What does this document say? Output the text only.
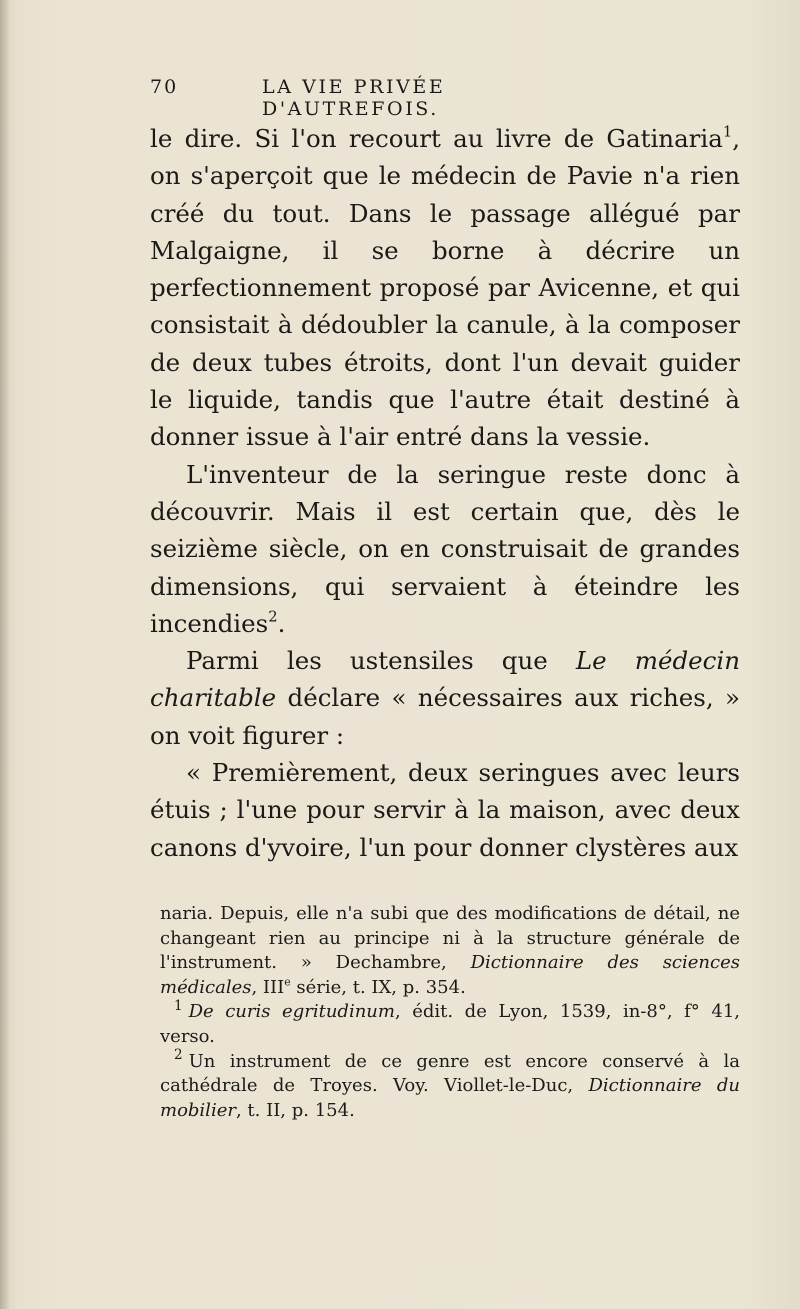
70	LA VIE PRIVÉE D'AUTREFOIS.

le dire. Si l'on recourt au livre de Gatinaria$^1$, on s'aperçoit que le médecin de Pavie n'a rien créé du tout. Dans le passage allégué par Malgaigne, il se borne à décrire un perfectionnement proposé par Avicenne, et qui consistait à dédoubler la canule, à la composer de deux tubes étroits, dont l'un devait guider le liquide, tandis que l'autre était destiné à donner issue à l'air entré dans la vessie.

L'inventeur de la seringue reste donc à découvrir. Mais il est certain que, dès le seizième siècle, on en construisait de grandes dimensions, qui servaient à éteindre les incendies$^2$.

Parmi les ustensiles que Le médecin charitable déclare « nécessaires aux riches, » on voit figurer :

« Premièrement, deux seringues avec leurs étuis ; l'une pour servir à la maison, avec deux canons d'yvoire, l'un pour donner clystères aux

naria. Depuis, elle n'a subi que des modifications de détail, ne changeant rien au principe ni à la structure générale de l'instrument. » Dechambre, Dictionnaire des sciences médicales, IIIe série, t. IX, p. 354.

$^1$ De curis egritudinum, édit. de Lyon, 1539, in-8°, f° 41, verso.

$^2$ Un instrument de ce genre est encore conservé à la cathédrale de Troyes. Voy. Viollet-le-Duc, Dictionnaire du mobilier, t. II, p. 154.
